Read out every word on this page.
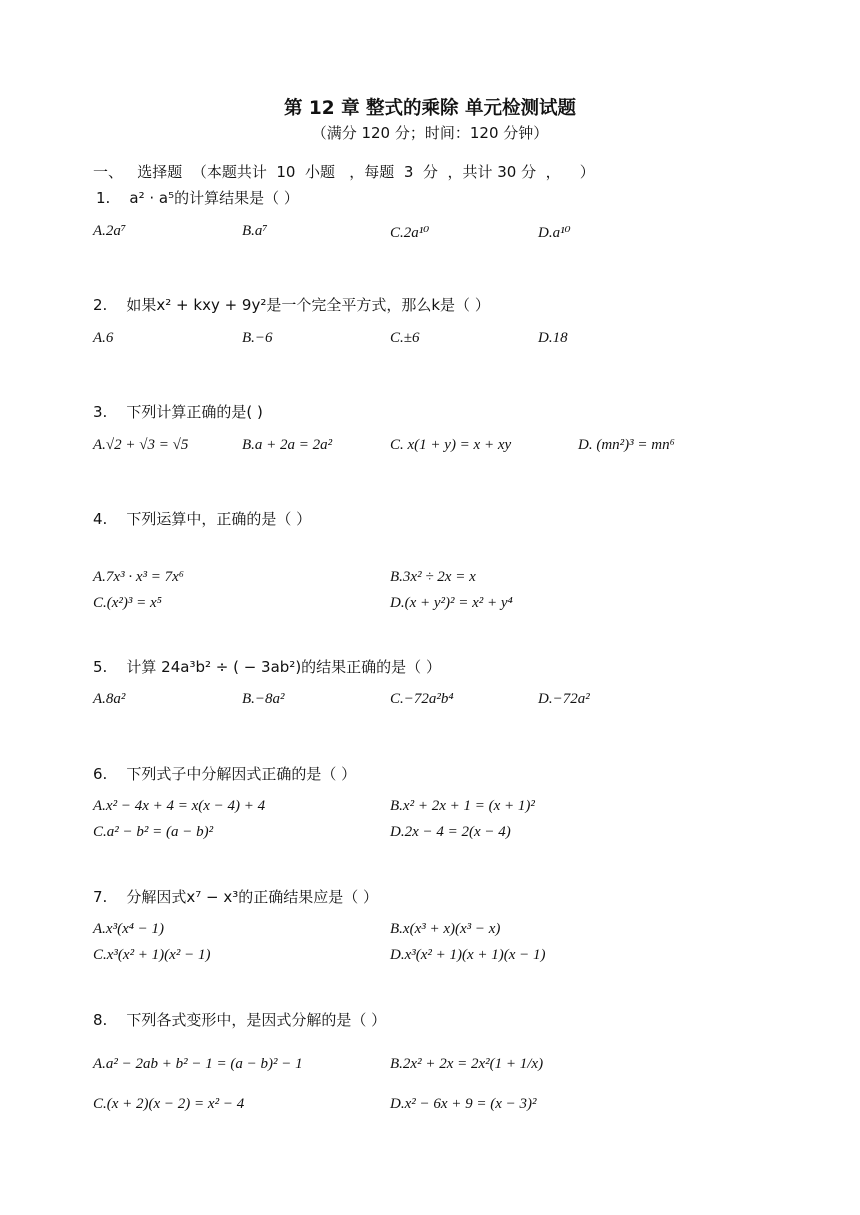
第 12 章 整式的乘除 单元检测试题
（满分 120 分；时间：120 分钟）
一、   选择题  （本题共计  10  小题   ，每题  3  分  ，共计 30 分  ，    ）
1. a² · a⁵的计算结果是（ ）
A.2a⁷	B.a⁷	C.2a¹⁰	D.a¹⁰
2. 如果x² + kxy + 9y²是一个完全平方式，那么k是（ ）
A.6	B.−6	C.±6	D.18
3. 下列计算正确的是( )
A.√2 + √3 = √5	B.a + 2a = 2a²	C. x(1 + y) = x + xy	D. (mn²)³ = mn⁶
4. 下列运算中，正确的是（ ）
A.7x³ · x³ = 7x⁶	B.3x² ÷ 2x = x
C.(x²)³ = x⁵	D.(x + y²)² = x² + y⁴
5. 计算 24a³b² ÷ ( − 3ab²)的结果正确的是（ ）
A.8a²	B.−8a²	C.−72a²b⁴	D.−72a²
6. 下列式子中分解因式正确的是（ ）
A.x² − 4x + 4 = x(x − 4) + 4	B.x² + 2x + 1 = (x + 1)²
C.a² − b² = (a − b)²	D.2x − 4 = 2(x − 4)
7. 分解因式x⁷ − x³的正确结果应是（ ）
A.x³(x⁴ − 1)	B.x(x³ + x)(x³ − x)
C.x³(x² + 1)(x² − 1)	D.x³(x² + 1)(x + 1)(x − 1)
8. 下列各式变形中，是因式分解的是（ ）
A.a² − 2ab + b² − 1 = (a − b)² − 1	B.2x² + 2x = 2x²(1 + 1/x)
C.(x + 2)(x − 2) = x² − 4	D.x² − 6x + 9 = (x − 3)²
